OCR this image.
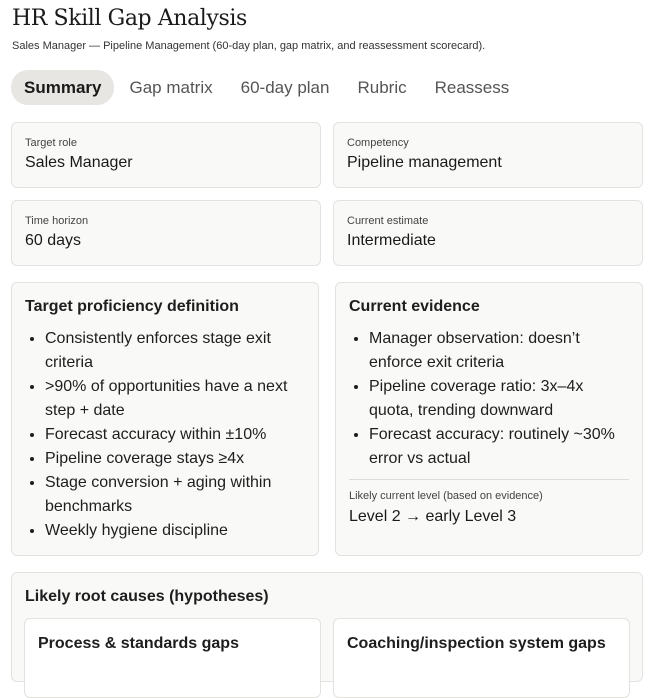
HR Skill Gap Analysis
Sales Manager — Pipeline Management (60-day plan, gap matrix, and reassessment scorecard).
Summary	Gap matrix	60-day plan	Rubric	Reassess
Target role
Sales Manager
Competency
Pipeline management
Time horizon
60 days
Current estimate
Intermediate
Target proficiency definition
• Consistently enforces stage exit criteria
• >90% of opportunities have a next step + date
• Forecast accuracy within ±10%
• Pipeline coverage stays ≥4x
• Stage conversion + aging within benchmarks
• Weekly hygiene discipline
Current evidence
• Manager observation: doesn’t enforce exit criteria
• Pipeline coverage ratio: 3x–4x quota, trending downward
• Forecast accuracy: routinely ~30% error vs actual
Likely current level (based on evidence)
Level 2 → early Level 3
Likely root causes (hypotheses)
Process & standards gaps	Coaching/inspection system gaps
